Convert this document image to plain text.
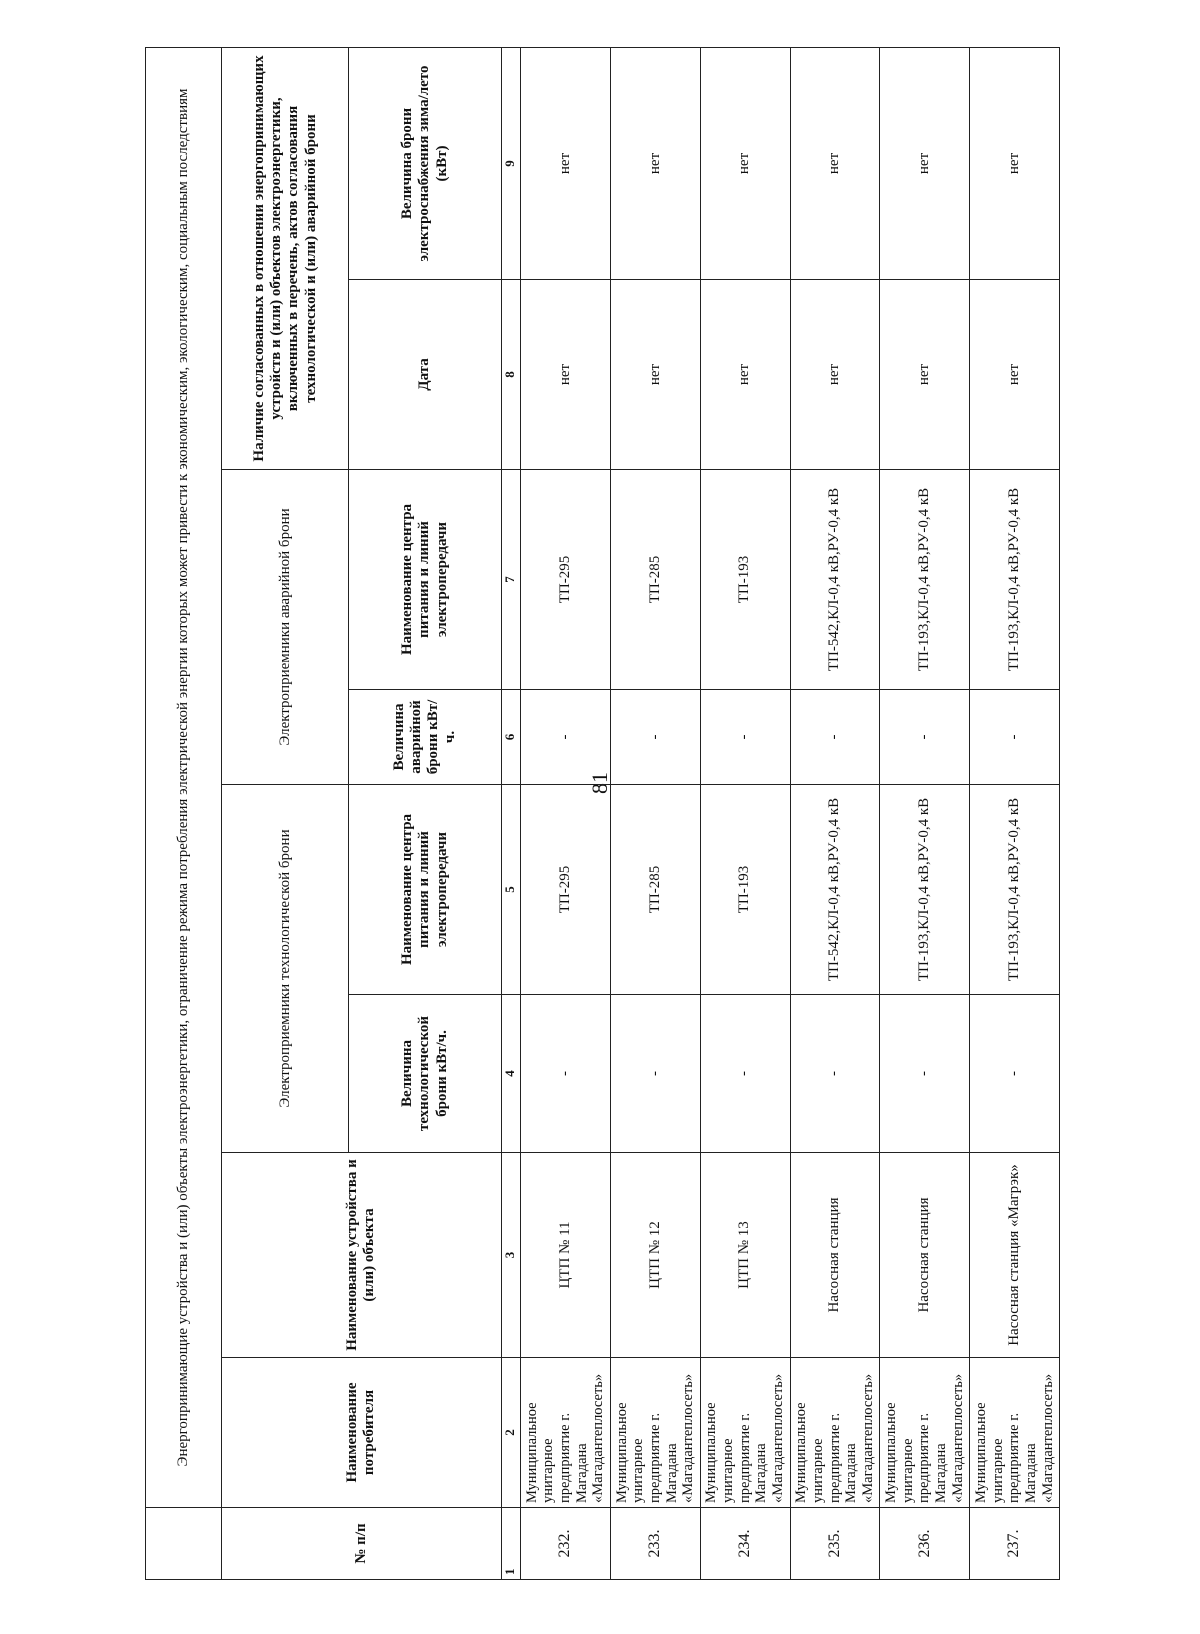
81
	Энергопринимающие устройства и (или) объекты электроэнергетики, ограничение режима потребления электрической энергии которых может привести к экономическим, экологическим, социальным последствиям							
№ п/п	Наименование потребителя	Наименование устройства и (или) объекта	Электроприемники технологической брони		Электроприемники аварийной брони		Наличие согласованных в отношении энергопринимающих устройств и (или) объектов электроэнергетики, включенных в перечень, актов согласования технологической и (или) аварийной брони	
			Величина технологической брони кВт/ч.	Наименование центра питания и линий электропередачи	Величина аварийной брони кВт/ч.	Наименование центра питания и линий электропередачи	Дата	Величина брони электроснабжения зима/лето (кВт)
1	2	3	4	5	6	7	8	9
232.	Муниципальное унитарное предприятие г. Магадана «Магадантеплосеть»	ЦТП № 11	-	ТП-295	-	ТП-295	нет	нет
233.	Муниципальное унитарное предприятие г. Магадана «Магадантеплосеть»	ЦТП № 12	-	ТП-285	-	ТП-285	нет	нет
234.	Муниципальное унитарное предприятие г. Магадана «Магадантеплосеть»	ЦТП № 13	-	ТП-193	-	ТП-193	нет	нет
235.	Муниципальное унитарное предприятие г. Магадана «Магадантеплосеть»	Насосная станция	-	ТП-542,КЛ-0,4 кВ,РУ-0,4 кВ	-	ТП-542,КЛ-0,4 кВ,РУ-0,4 кВ	нет	нет
236.	Муниципальное унитарное предприятие г. Магадана «Магадантеплосеть»	Насосная станция	-	ТП-193,КЛ-0,4 кВ,РУ-0,4 кВ	-	ТП-193,КЛ-0,4 кВ,РУ-0,4 кВ	нет	нет
237.	Муниципальное унитарное предприятие г. Магадана «Магадантеплосеть»	Насосная станция «Магрэк»	-	ТП-193,КЛ-0,4 кВ,РУ-0,4 кВ	-	ТП-193,КЛ-0,4 кВ,РУ-0,4 кВ	нет	нет
